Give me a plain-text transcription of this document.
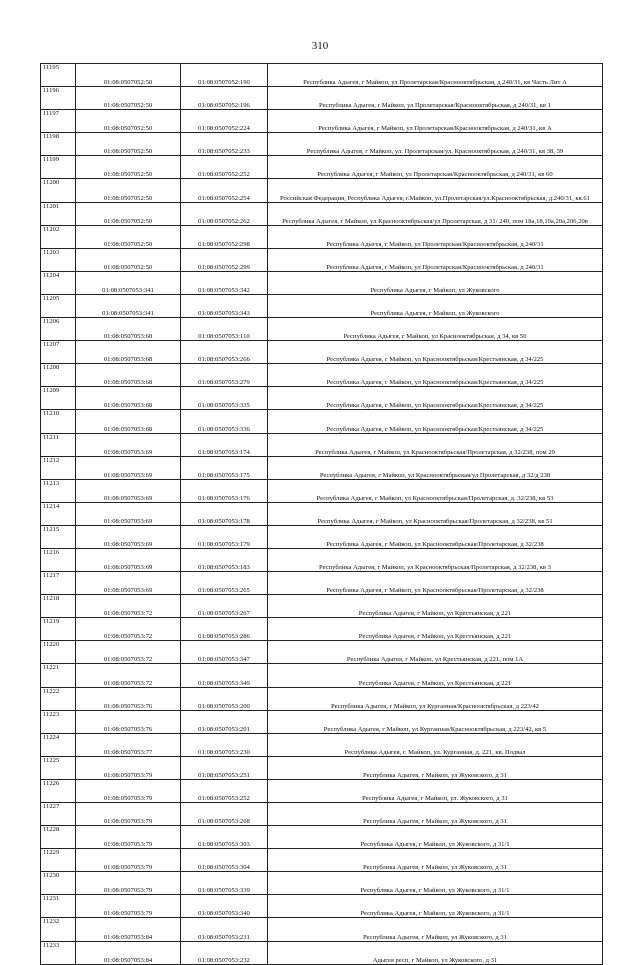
310
11195	01:08:0507052:50	01:08:0507052:190	Республика Адыгея, г Майкоп, ул Пролетарская/Краснооктябрьская, д 240/31, кв Часть Лит А
11196	01:08:0507052:50	01:08:0507052:196	Республика Адыгея, г Майкоп, ул Пролетарская/Краснооктябрьская, д 240/31, кв 1
11197	01:08:0507052:50	01:08:0507052:224	Республика Адыгея, г Майкоп, ул Пролетарская/Краснооктябрьская, д 240/31, кв А
11198	01:08:0507052:50	01:08:0507052:233	Республика Адыгея, г Майкоп, ул. Пролетарская/ул. Краснооктябрьская, д 240/31, кв 38, 39
11199	01:08:0507052:50	01:08:0507052:252	Республика Адыгея, г Майкоп, ул Пролетарская/Краснооктябрьская, д 240/31, кв 60
11200	01:08:0507052:50	01:08:0507052:254	Российская Федерация, Республика Адыгея, г.Майкоп, ул.Пролетарская/ул.Краснооктябрьская, д.240/31, кв.61
11201	01:08:0507052:50	01:08:0507052:262	Республика Адыгея, г Майкоп, ул Краснооктябрьская/ул Пролетарская, д 31/ 240, пом 18а,18,19а,20а,206,20в
11202	01:08:0507052:50	01:08:0507052:298	Республика Адыгея, г Майкоп, ул Пролетарская/Краснооктябрьская, д 240/31
11203	01:08:0507052:50	01:08:0507052:299	Республика Адыгея, г Майкоп, ул Пролетарская/Краснооктябрьская, д 240/31
11204	01:08:0507053:341	01:08:0507053:342	Республика Адыгея, г Майкоп, ул Жуковского
11205	01:08:0507053:341	01:08:0507053:343	Республика Адыгея, г Майкоп, ул Жуковского
11206	01:08:0507053:68	01:08:0507053:110	Республика Адыгея, г Майкоп, ул Краснооктябрьская, д 34, кв 50
11207	01:08:0507053:68	01:08:0507053:266	Республика Адыгея, г Майкоп, ул Краснооктябрьская/Крестьянская, д 34/225
11208	01:08:0507053:68	01:08:0507053:279	Республика Адыгея, г Майкоп, ул Краснооктябрьская/Крестьянская, д 34/225
11209	01:08:0507053:68	01:08:0507053:335	Республика Адыгея, г Майкоп, ул Краснооктябрьская/Крестьянская, д 34/225
11210	01:08:0507053:68	01:08:0507053:336	Республика Адыгея, г Майкоп, ул Краснооктябрьская/Крестьянская, д 34/225
11211	01:08:0507053:69	01:08:0507053:174	Республика Адыгея, г Майкоп, ул Краснооктябрьская/Пролетарская, д 32/238, пом 29
11212	01:08:0507053:69	01:08:0507053:175	Республика Адыгея, г Майкоп, ул Краснооктябрьская/ул Пролетарская, д 32/д 238
11213	01:08:0507053:69	01:08:0507053:176	Республика Адыгея, г Майкоп, ул Краснооктябрьская/Пролетарская, д. 32/238, кв 53
11214	01:08:0507053:69	01:08:0507053:178	Республика Адыгея, г Майкоп, ул Краснооктябрьская/Пролетарская, д 32/238, кв 51
11215	01:08:0507053:69	01:08:0507053:179	Республика Адыгея, г Майкоп, ул Краснооктябрьская/Пролетарская, д 32/238
11216	01:08:0507053:69	01:08:0507053:183	Республика Адыгея, г Майкоп, ул Краснооктябрьская/Пролетарская, д 32/238, кв 3
11217	01:08:0507053:69	01:08:0507053:265	Республика Адыгея, г Майкоп, ул Краснооктябрьская/Пролетарская, д 32/238
11218	01:08:0507053:72	01:08:0507053:267	Республика Адыгея, г Майкоп, ул Крестьянская, д 221
11219	01:08:0507053:72	01:08:0507053:286	Республика Адыгея, г Майкоп, ул Крестьянская, д 221
11220	01:08:0507053:72	01:08:0507053:347	Республика Адыгея, г Майкоп, ул Крестьянская, д 221, пом 1А
11221	01:08:0507053:72	01:08:0507053:349	Республика Адыгея, г Майкоп, ул Крестьянская, д 221
11222	01:08:0507053:76	01:08:0507053:200	Республика Адыгея, г Майкоп, ул Курганная/Краснооктябрьская, д 223/42
11223	01:08:0507053:76	01:08:0507053:201	Республика Адыгея, г Майкоп, ул Курганная/Краснооктябрьская, д 223/42, кв 5
11224	01:08:0507053:77	01:08:0507053:230	Республика Адыгея, г. Майкоп, ул. Курганная, д. 221, кв. Подвал
11225	01:08:0507053:79	01:08:0507053:251	Республика Адыгея, г Майкоп, ул Жуковского, д 31
11226	01:08:0507053:79	01:08:0507053:252	Республика Адыгея, г Майкоп, ул. Жуковского, д 31
11227	01:08:0507053:79	01:08:0507053:268	Республика Адыгея, г Майкоп, ул Жуковского, д 31
11228	01:08:0507053:79	01:08:0507053:303	Республика Адыгея, г Майкоп, ул Жуковского, д 31/1
11229	01:08:0507053:79	01:08:0507053:304	Республика Адыгея, г Майкоп, ул Жуковского, д 31
11230	01:08:0507053:79	01:08:0507053:339	Республика Адыгея, г Майкоп, ул Жуковского, д 31/1
11231	01:08:0507053:79	01:08:0507053:340	Республика Адыгея, г Майкоп, ул Жуковского, д 31/1
11232	01:08:0507053:84	01:08:0507053:231	Республика Адыгея, г Майкоп, ул Жуковского, д 31
11233	01:08:0507053:84	01:08:0507053:232	Адыгея респ, г Майкоп, ул Жуковского, д 31
